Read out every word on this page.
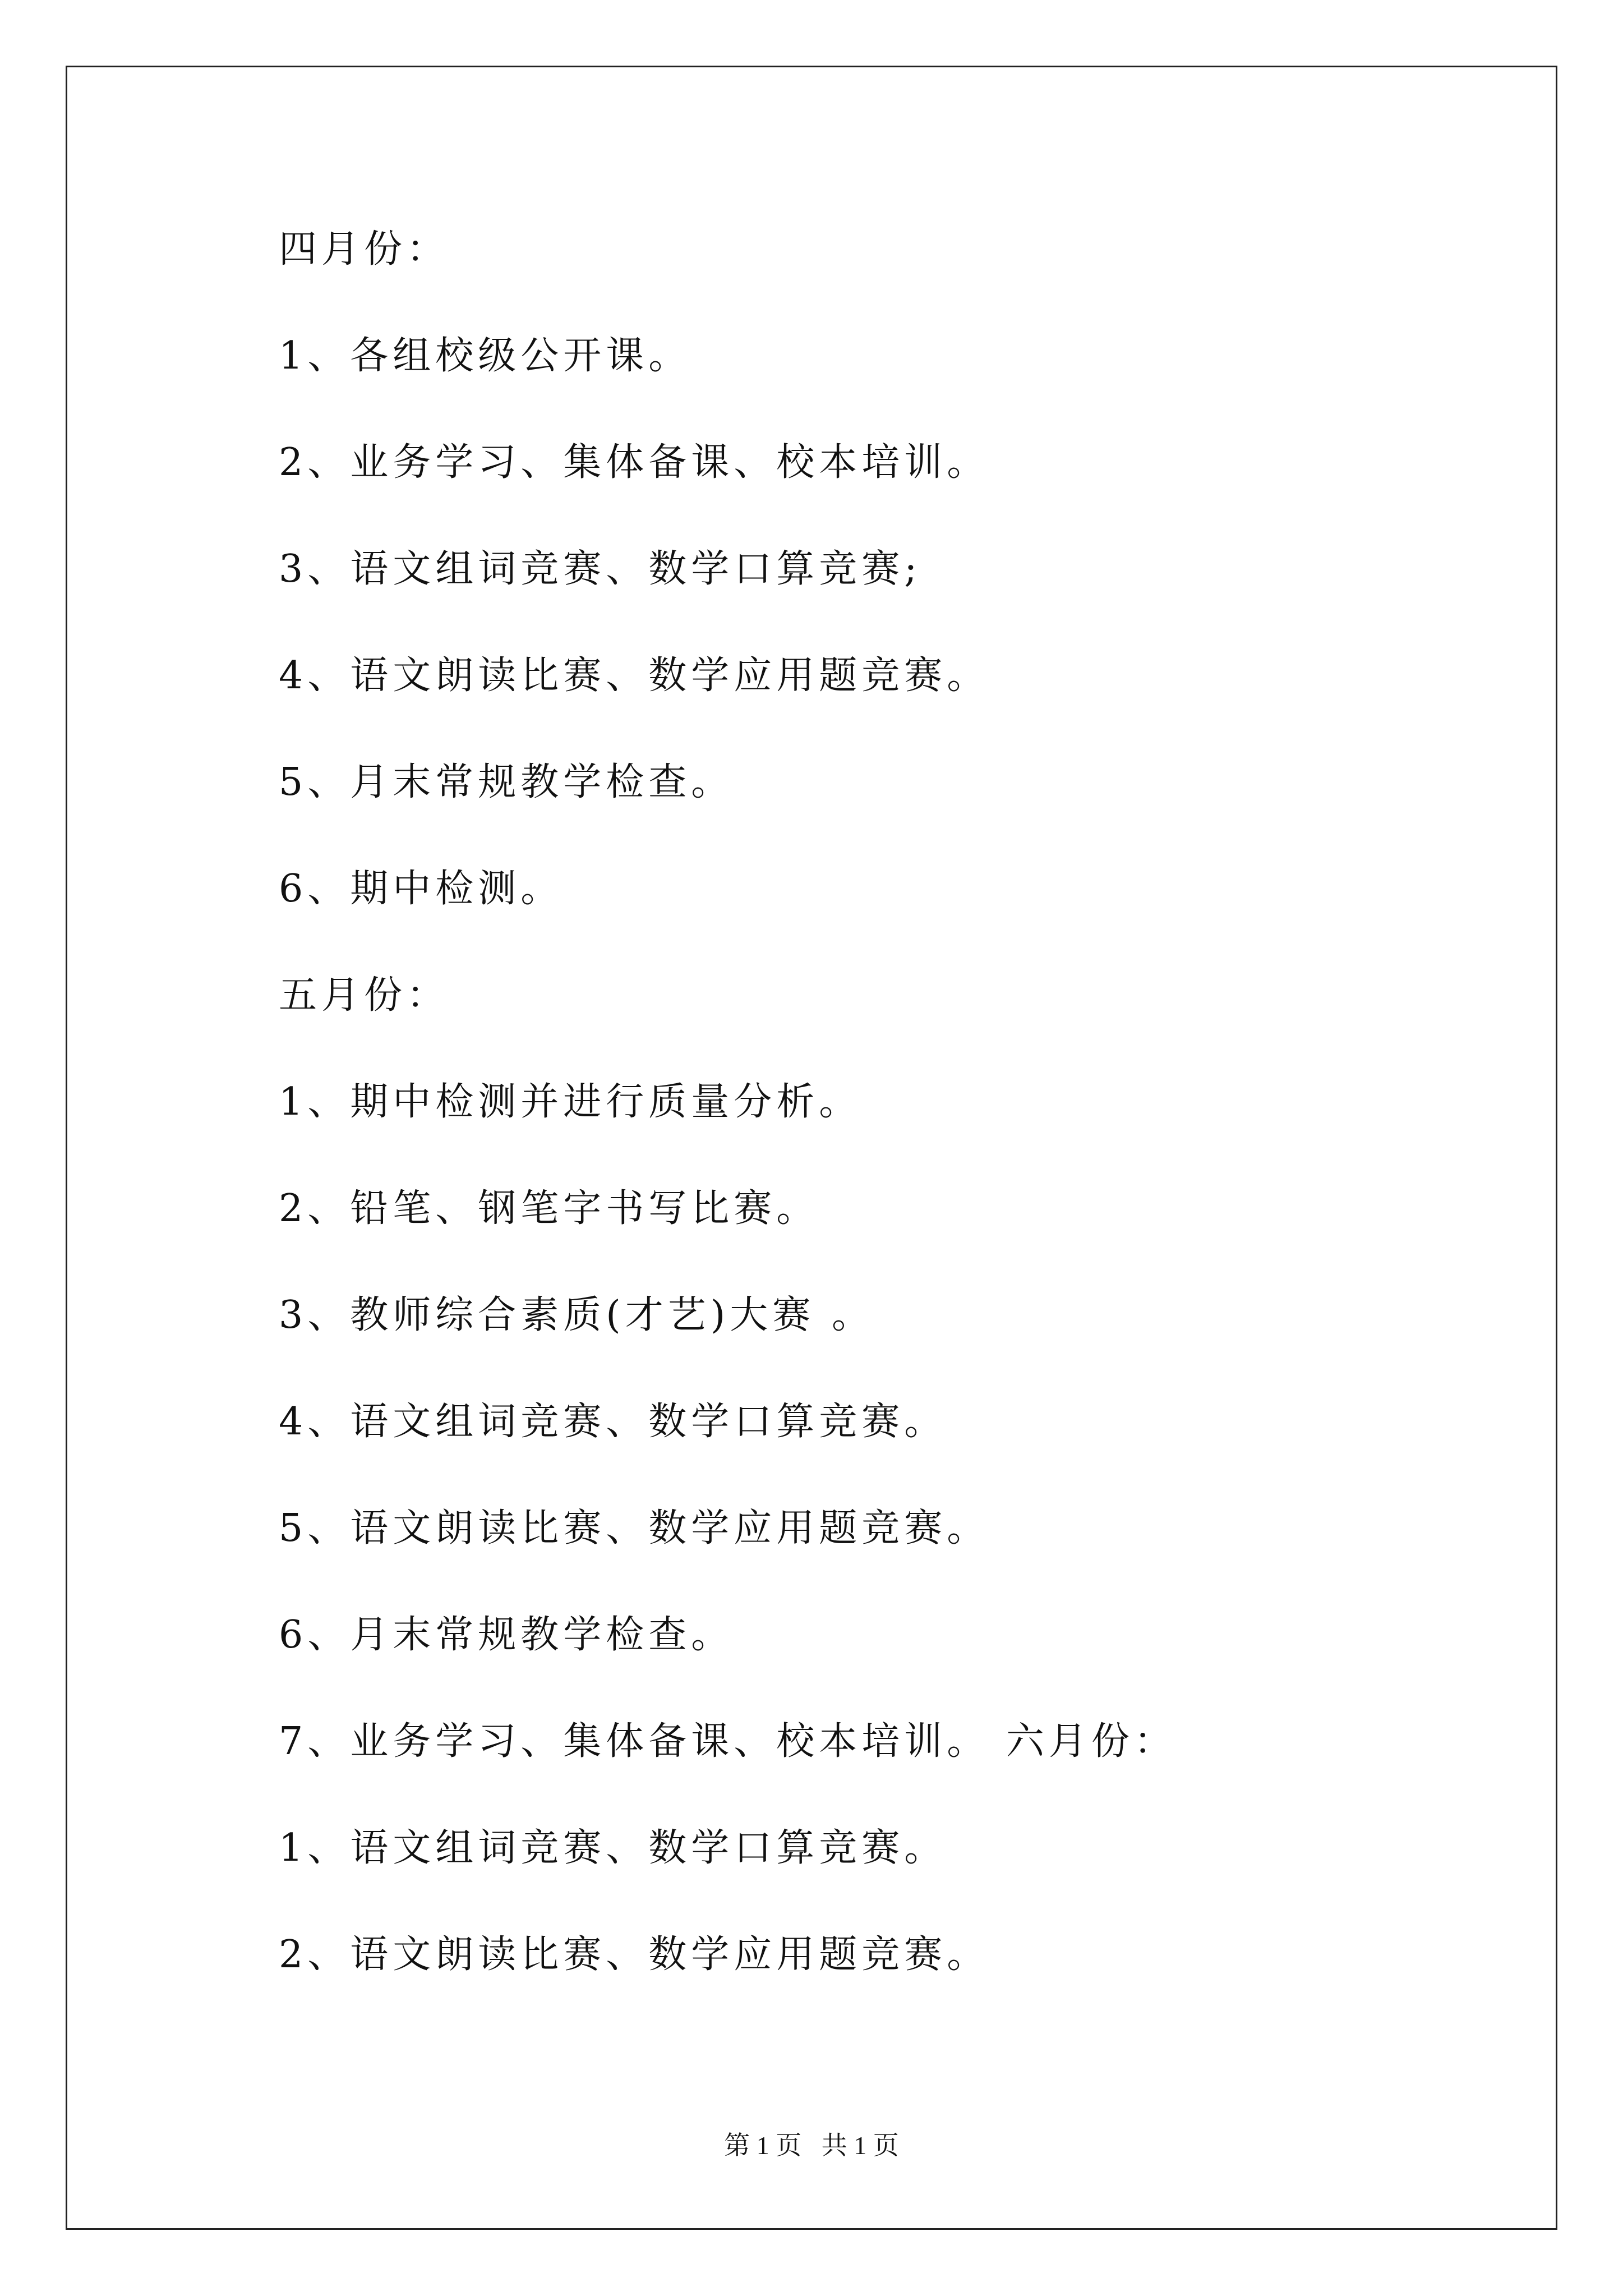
四月份：
1、各组校级公开课。
2、业务学习、集体备课、校本培训。
3、语文组词竞赛、数学口算竞赛;
4、语文朗读比赛、数学应用题竞赛。
5、月末常规教学检查。
6、期中检测。
五月份：
1、期中检测并进行质量分析。
2、铅笔、钢笔字书写比赛。
3、教师综合素质(才艺)大赛 。
4、语文组词竞赛、数学口算竞赛。
5、语文朗读比赛、数学应用题竞赛。
6、月末常规教学检查。
7、业务学习、集体备课、校本培训。 六月份：
1、语文组词竞赛、数学口算竞赛。
2、语文朗读比赛、数学应用题竞赛。
第 1 页 共 1 页
